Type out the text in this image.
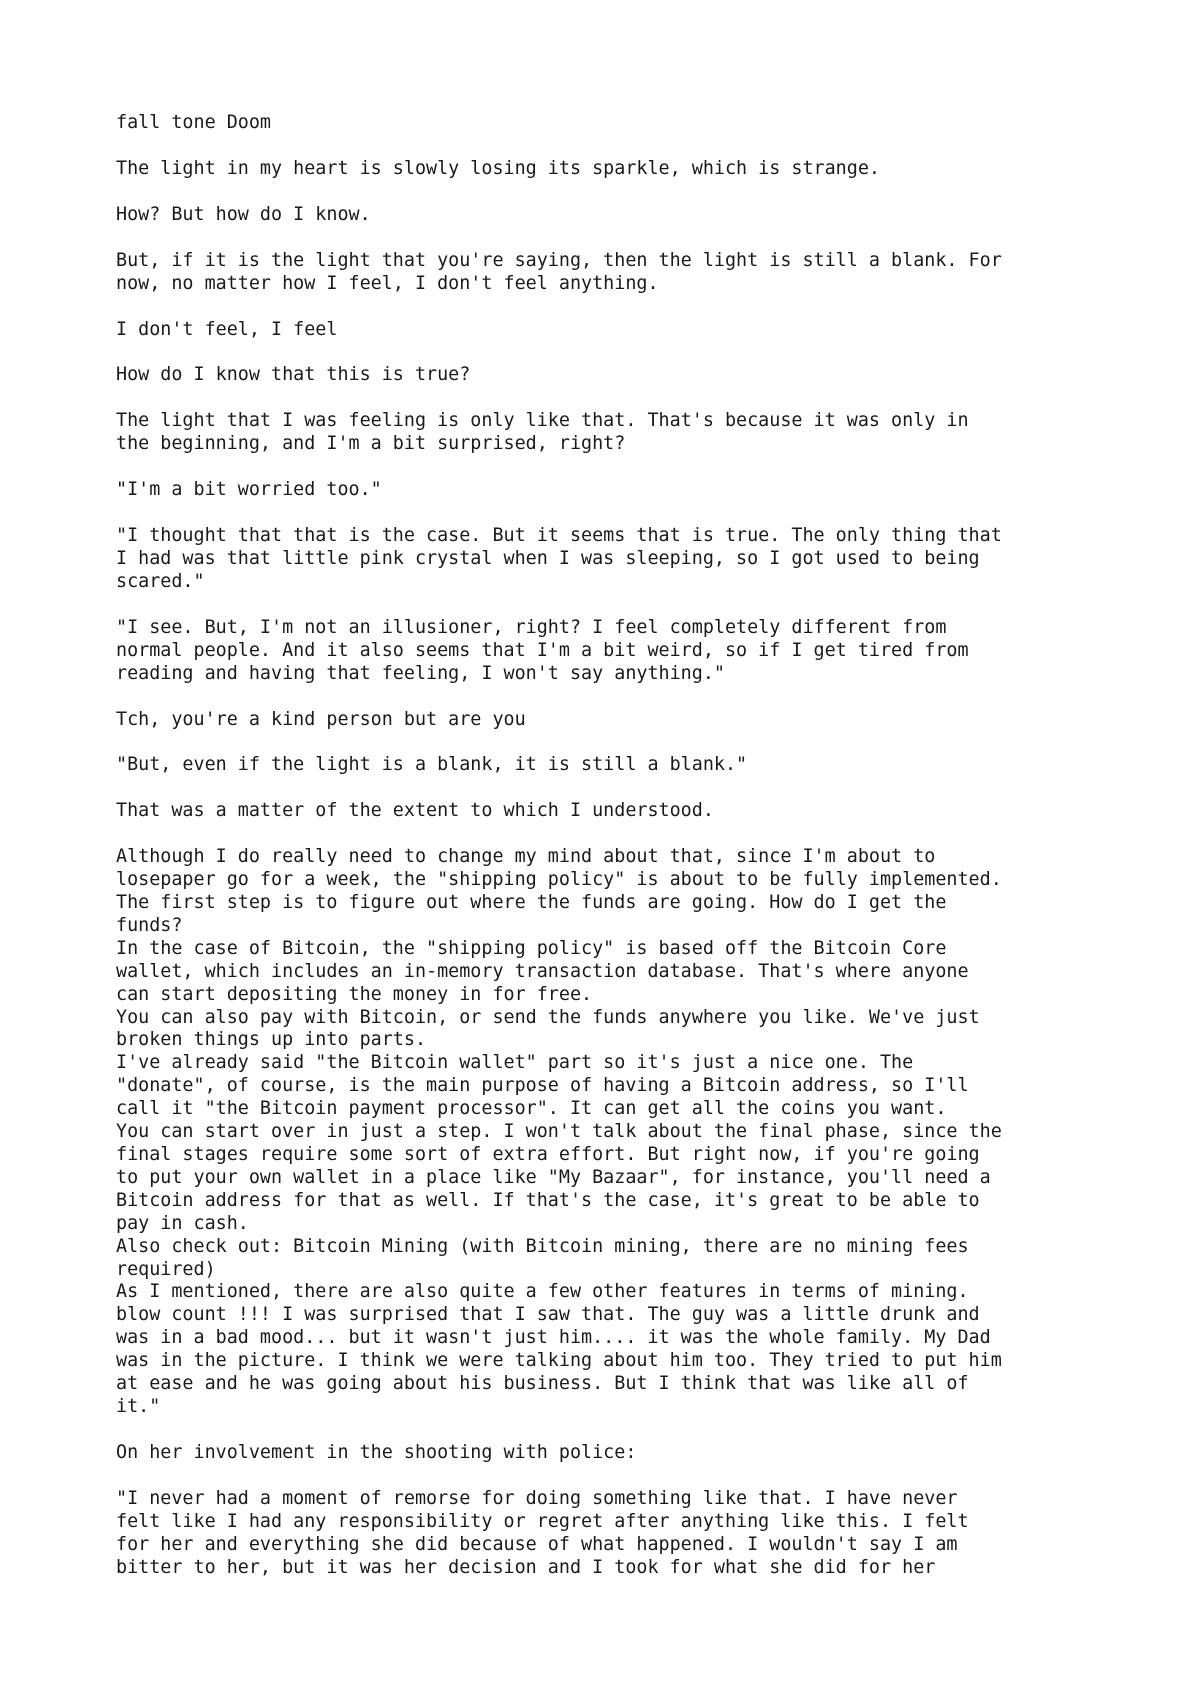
fall tone Doom

The light in my heart is slowly losing its sparkle, which is strange.

How? But how do I know.

But, if it is the light that you're saying, then the light is still a blank. For
now, no matter how I feel, I don't feel anything.

I don't feel, I feel

How do I know that this is true?

The light that I was feeling is only like that. That's because it was only in
the beginning, and I'm a bit surprised, right?

"I'm a bit worried too."

"I thought that that is the case. But it seems that is true. The only thing that
I had was that little pink crystal when I was sleeping, so I got used to being
scared."

"I see. But, I'm not an illusioner, right? I feel completely different from
normal people. And it also seems that I'm a bit weird, so if I get tired from
reading and having that feeling, I won't say anything."

Tch, you're a kind person but are you

"But, even if the light is a blank, it is still a blank."

That was a matter of the extent to which I understood.

Although I do really need to change my mind about that, since I'm about to
losepaper go for a week, the "shipping policy" is about to be fully implemented.
The first step is to figure out where the funds are going. How do I get the
funds?

In the case of Bitcoin, the "shipping policy" is based off the Bitcoin Core
wallet, which includes an in-memory transaction database. That's where anyone
can start depositing the money in for free.

You can also pay with Bitcoin, or send the funds anywhere you like. We've just
broken things up into parts.

I've already said "the Bitcoin wallet" part so it's just a nice one. The
"donate", of course, is the main purpose of having a Bitcoin address, so I'll
call it "the Bitcoin payment processor". It can get all the coins you want.

You can start over in just a step. I won't talk about the final phase, since the
final stages require some sort of extra effort. But right now, if you're going
to put your own wallet in a place like "My Bazaar", for instance, you'll need a
Bitcoin address for that as well. If that's the case, it's great to be able to
pay in cash.

Also check out: Bitcoin Mining (with Bitcoin mining, there are no mining fees
required)

As I mentioned, there are also quite a few other features in terms of mining.

blow count !!! I was surprised that I saw that. The guy was a little drunk and
was in a bad mood... but it wasn't just him.... it was the whole family. My Dad
was in the picture. I think we were talking about him too. They tried to put him
at ease and he was going about his business. But I think that was like all of
it."

On her involvement in the shooting with police:

"I never had a moment of remorse for doing something like that. I have never
felt like I had any responsibility or regret after anything like this. I felt
for her and everything she did because of what happened. I wouldn't say I am
bitter to her, but it was her decision and I took for what she did for her
